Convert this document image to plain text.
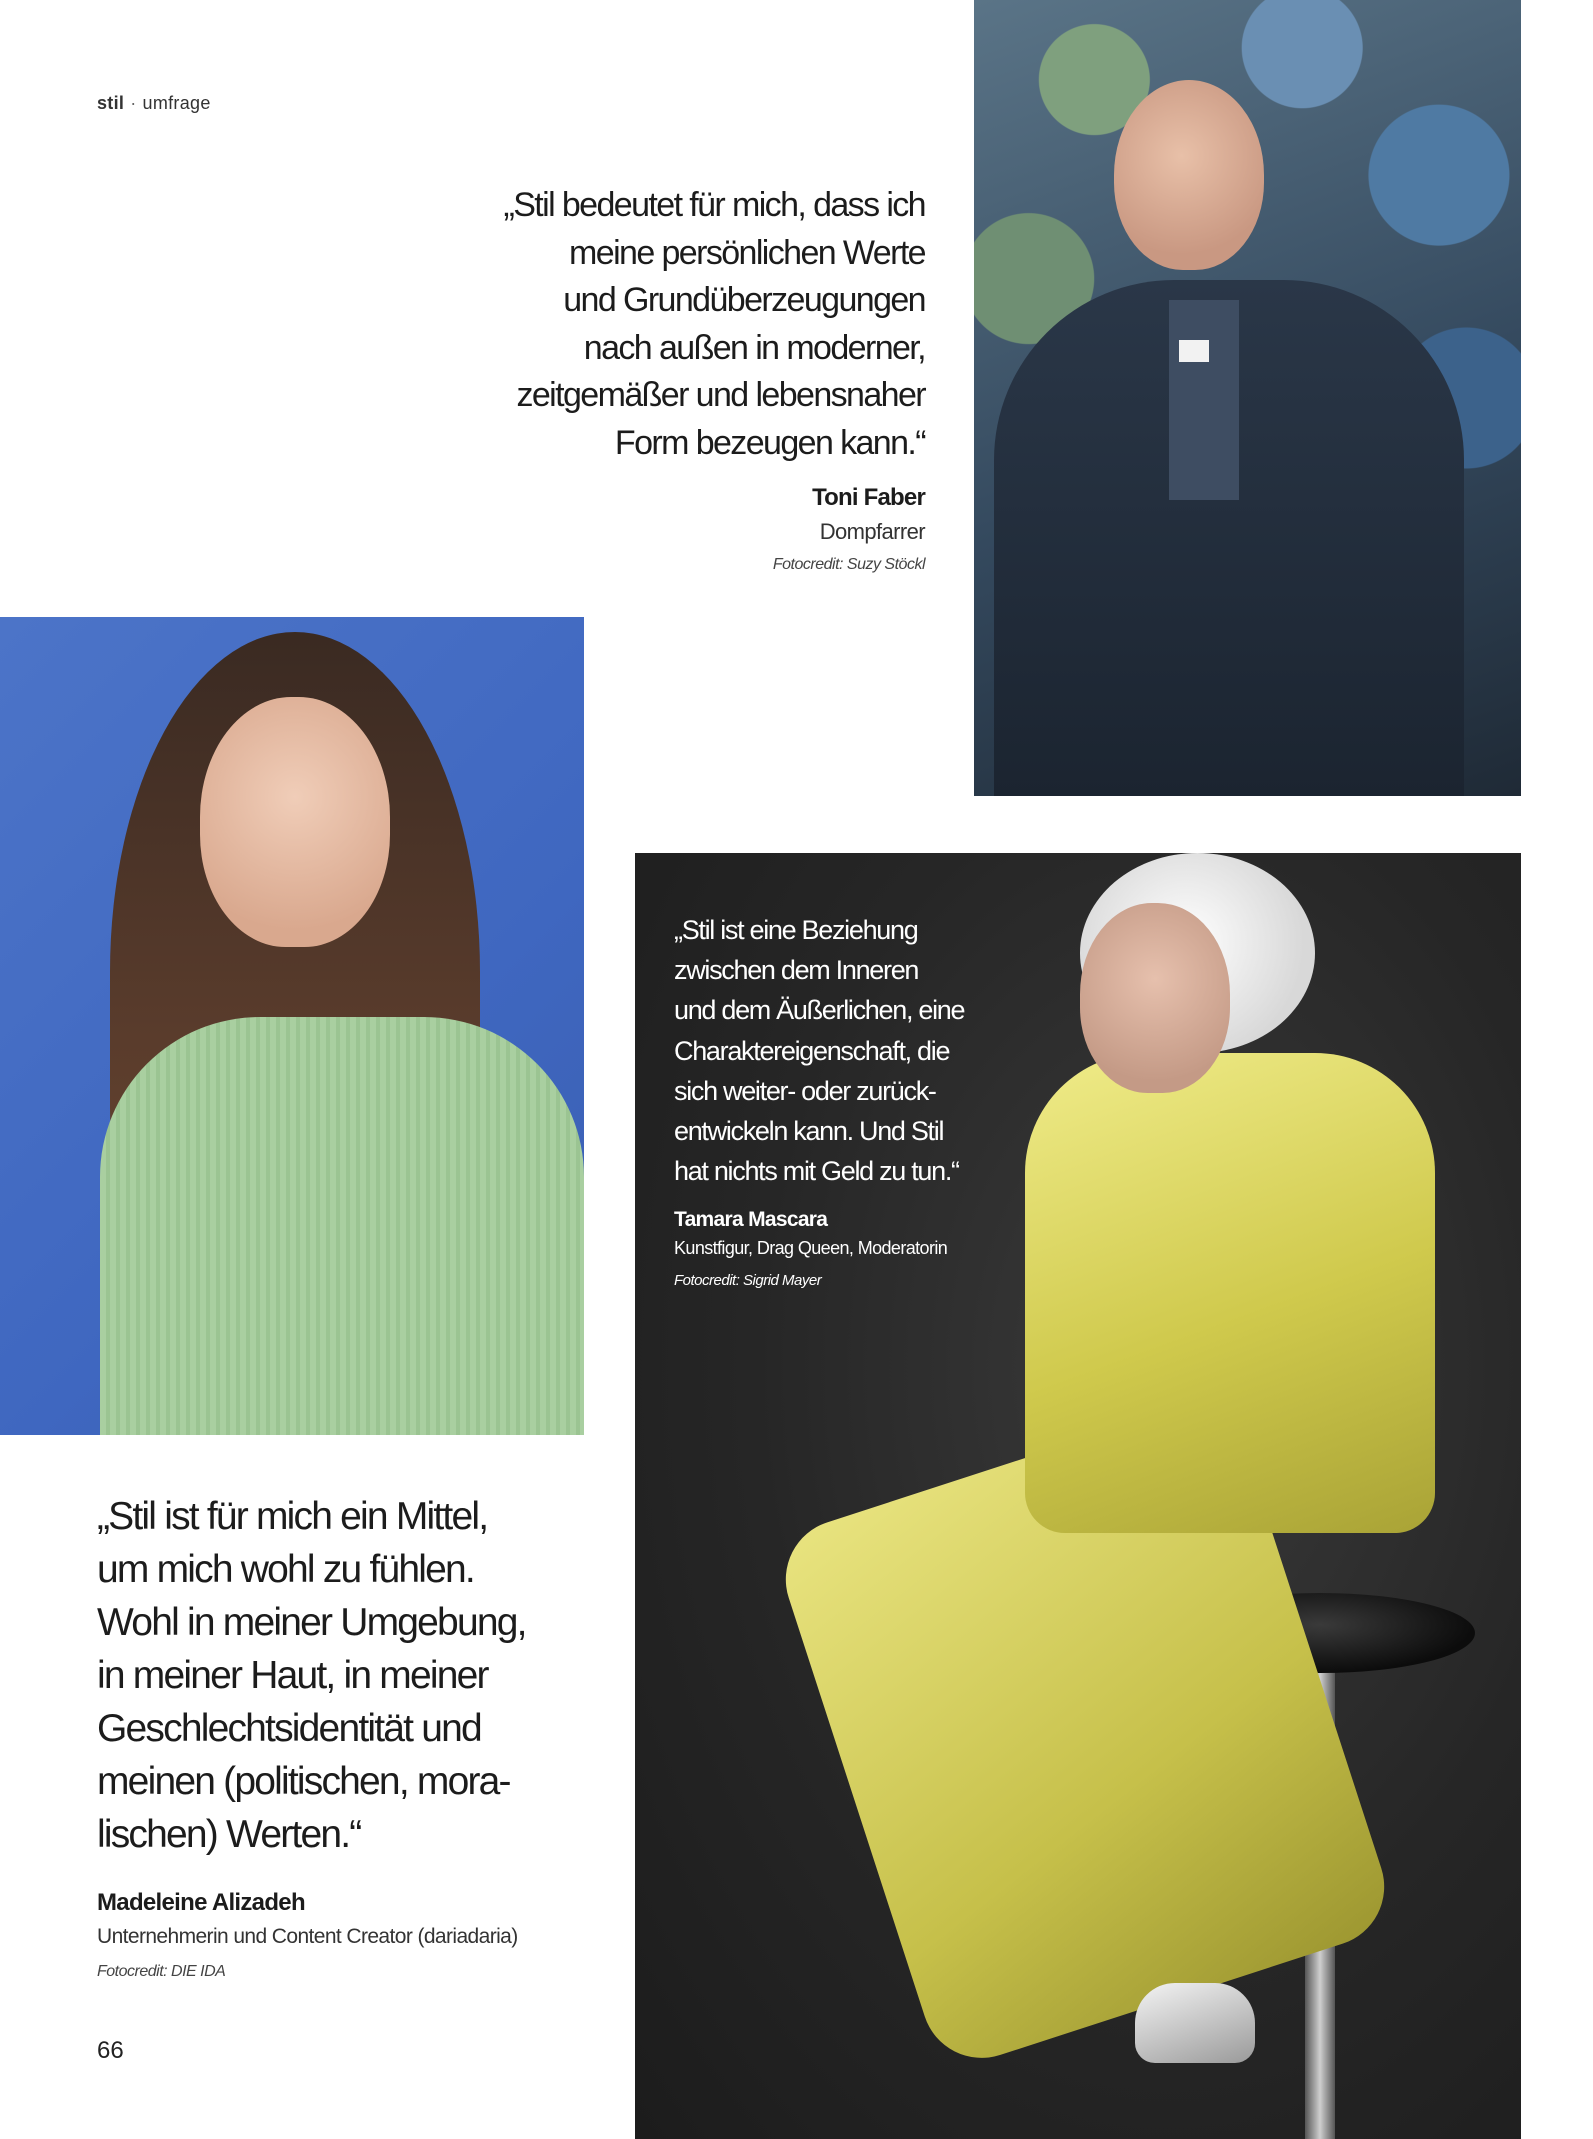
stil · umfrage

„Stil bedeutet für mich, dass ich
meine persönlichen Werte
und Grundüberzeugungen
nach außen in moderner,
zeitgemäßer und lebensnaher
Form bezeugen kann.“

Toni Faber
Dompfarrer
Fotocredit: Suzy Stöckl

„Stil ist eine Beziehung
zwischen dem Inneren
und dem Äußerlichen, eine
Charaktereigenschaft, die
sich weiter- oder zurück-
entwickeln kann. Und Stil
hat nichts mit Geld zu tun.“

Tamara Mascara
Kunstfigur, Drag Queen, Moderatorin
Fotocredit: Sigrid Mayer

„Stil ist für mich ein Mittel,
um mich wohl zu fühlen.
Wohl in meiner Umgebung,
in meiner Haut, in meiner
Geschlechtsidentität und
meinen (politischen, mora-
lischen) Werten.“

Madeleine Alizadeh
Unternehmerin und Content Creator (dariadaria)
Fotocredit: DIE IDA
66
